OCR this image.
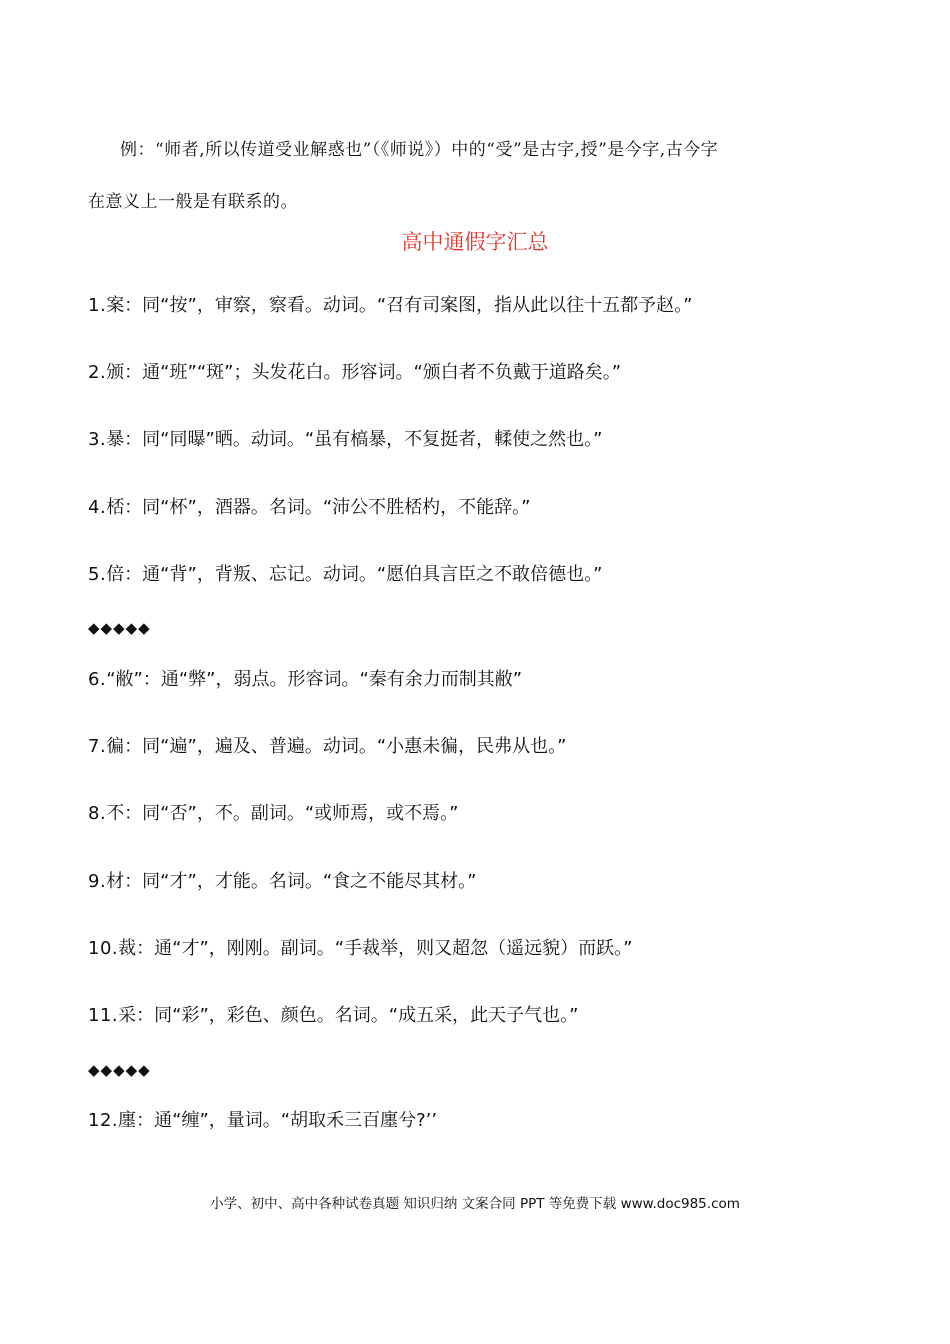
例：“师者,所以传道受业解惑也”（《师说》）中的“受”是古字,授”是今字,古今字
在意义上一般是有联系的。
高中通假字汇总
1.案：同“按”，审察，察看。动词。“召有司案图，指从此以往十五都予赵。”
2.颁：通“班”“斑”；头发花白。形容词。“颁白者不负戴于道路矣。”
3.暴：同“同曝”晒。动词。“虽有槁暴，不复挺者，輮使之然也。”
4.桮：同“杯”，酒器。名词。“沛公不胜桮杓，不能辞。”
5.倍：通“背”，背叛、忘记。动词。“愿伯具言臣之不敢倍德也。”
◆◆◆◆◆
6.“敝”：通“弊”，弱点。形容词。“秦有余力而制其敝”
7.徧：同“遍”，遍及、普遍。动词。“小惠未徧，民弗从也。”
8.不：同“否”，不。副词。“或师焉，或不焉。”
9.材：同“才”，才能。名词。“食之不能尽其材。”
10.裁：通“才”，刚刚。副词。“手裁举，则又超忽（遥远貌）而跃。”
11.采：同“彩”，彩色、颜色。名词。“成五采，此天子气也。”
◆◆◆◆◆
12.廛：通“缠”，量词。“胡取禾三百廛兮?’’
小学、初中、高中各种试卷真题 知识归纳 文案合同 PPT 等免费下载 www.doc985.com
